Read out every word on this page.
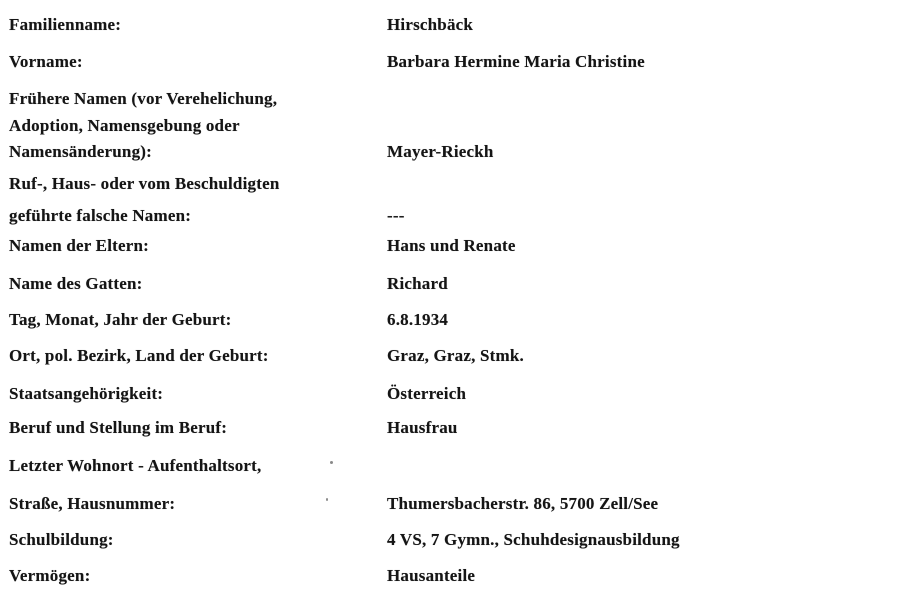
Familienname:	Hirschbäck
Vorname:	Barbara Hermine Maria Christine
Frühere Namen (vor Verehelichung,
Adoption, Namensgebung oder
Namensänderung):	Mayer-Rieckh
Ruf-, Haus- oder vom Beschuldigten
geführte falsche Namen:	---
Namen der Eltern:	Hans und Renate
Name des Gatten:	Richard
Tag, Monat, Jahr der Geburt:	6.8.1934
Ort, pol. Bezirk, Land der Geburt:	Graz, Graz, Stmk.
Staatsangehörigkeit:	Österreich
Beruf und Stellung im Beruf:	Hausfrau
Letzter Wohnort - Aufenthaltsort,
Straße, Hausnummer:	Thumersbacherstr. 86, 5700 Zell/See
Schulbildung:	4 VS, 7 Gymn., Schuhdesignausbildung
Vermögen:	Hausanteile
